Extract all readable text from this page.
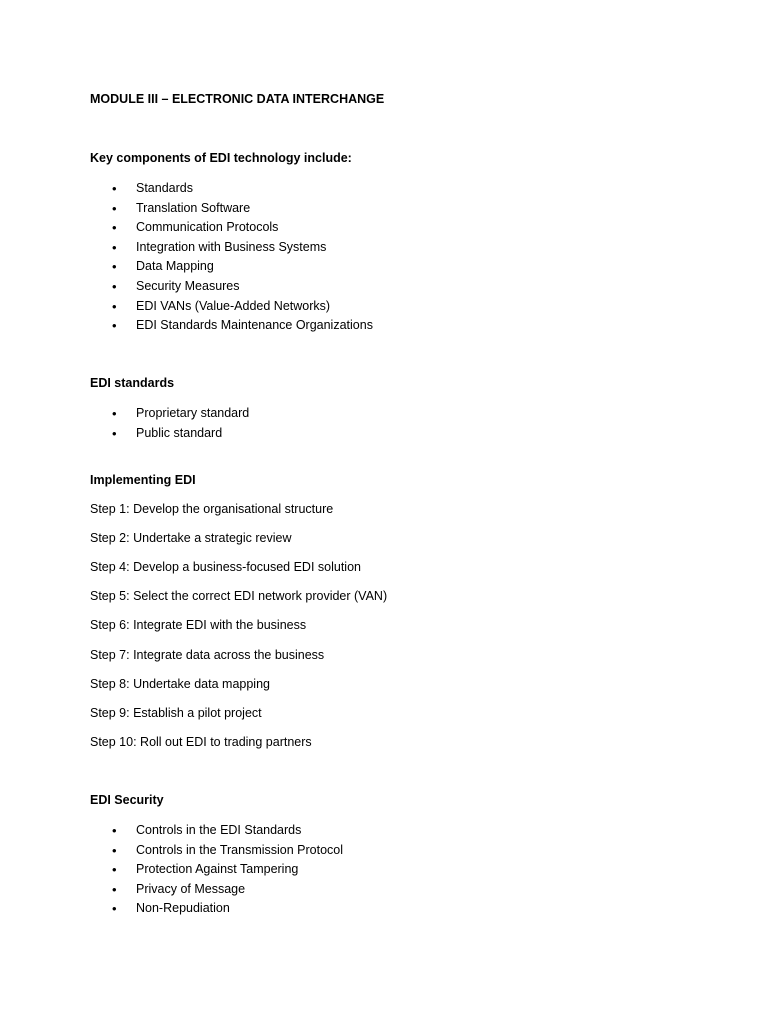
MODULE III – ELECTRONIC DATA INTERCHANGE
Key components of EDI technology include:
• Standards
• Translation Software
• Communication Protocols
• Integration with Business Systems
• Data Mapping
• Security Measures
• EDI VANs (Value-Added Networks)
• EDI Standards Maintenance Organizations
EDI standards
• Proprietary standard
• Public standard
Implementing EDI
Step 1: Develop the organisational structure
Step 2: Undertake a strategic review
Step 4: Develop a business-focused EDI solution
Step 5: Select the correct EDI network provider (VAN)
Step 6: Integrate EDI with the business
Step 7: Integrate data across the business
Step 8: Undertake data mapping
Step 9: Establish a pilot project
Step 10: Roll out EDI to trading partners
EDI Security
• Controls in the EDI Standards
• Controls in the Transmission Protocol
• Protection Against Tampering
• Privacy of Message
• Non-Repudiation
